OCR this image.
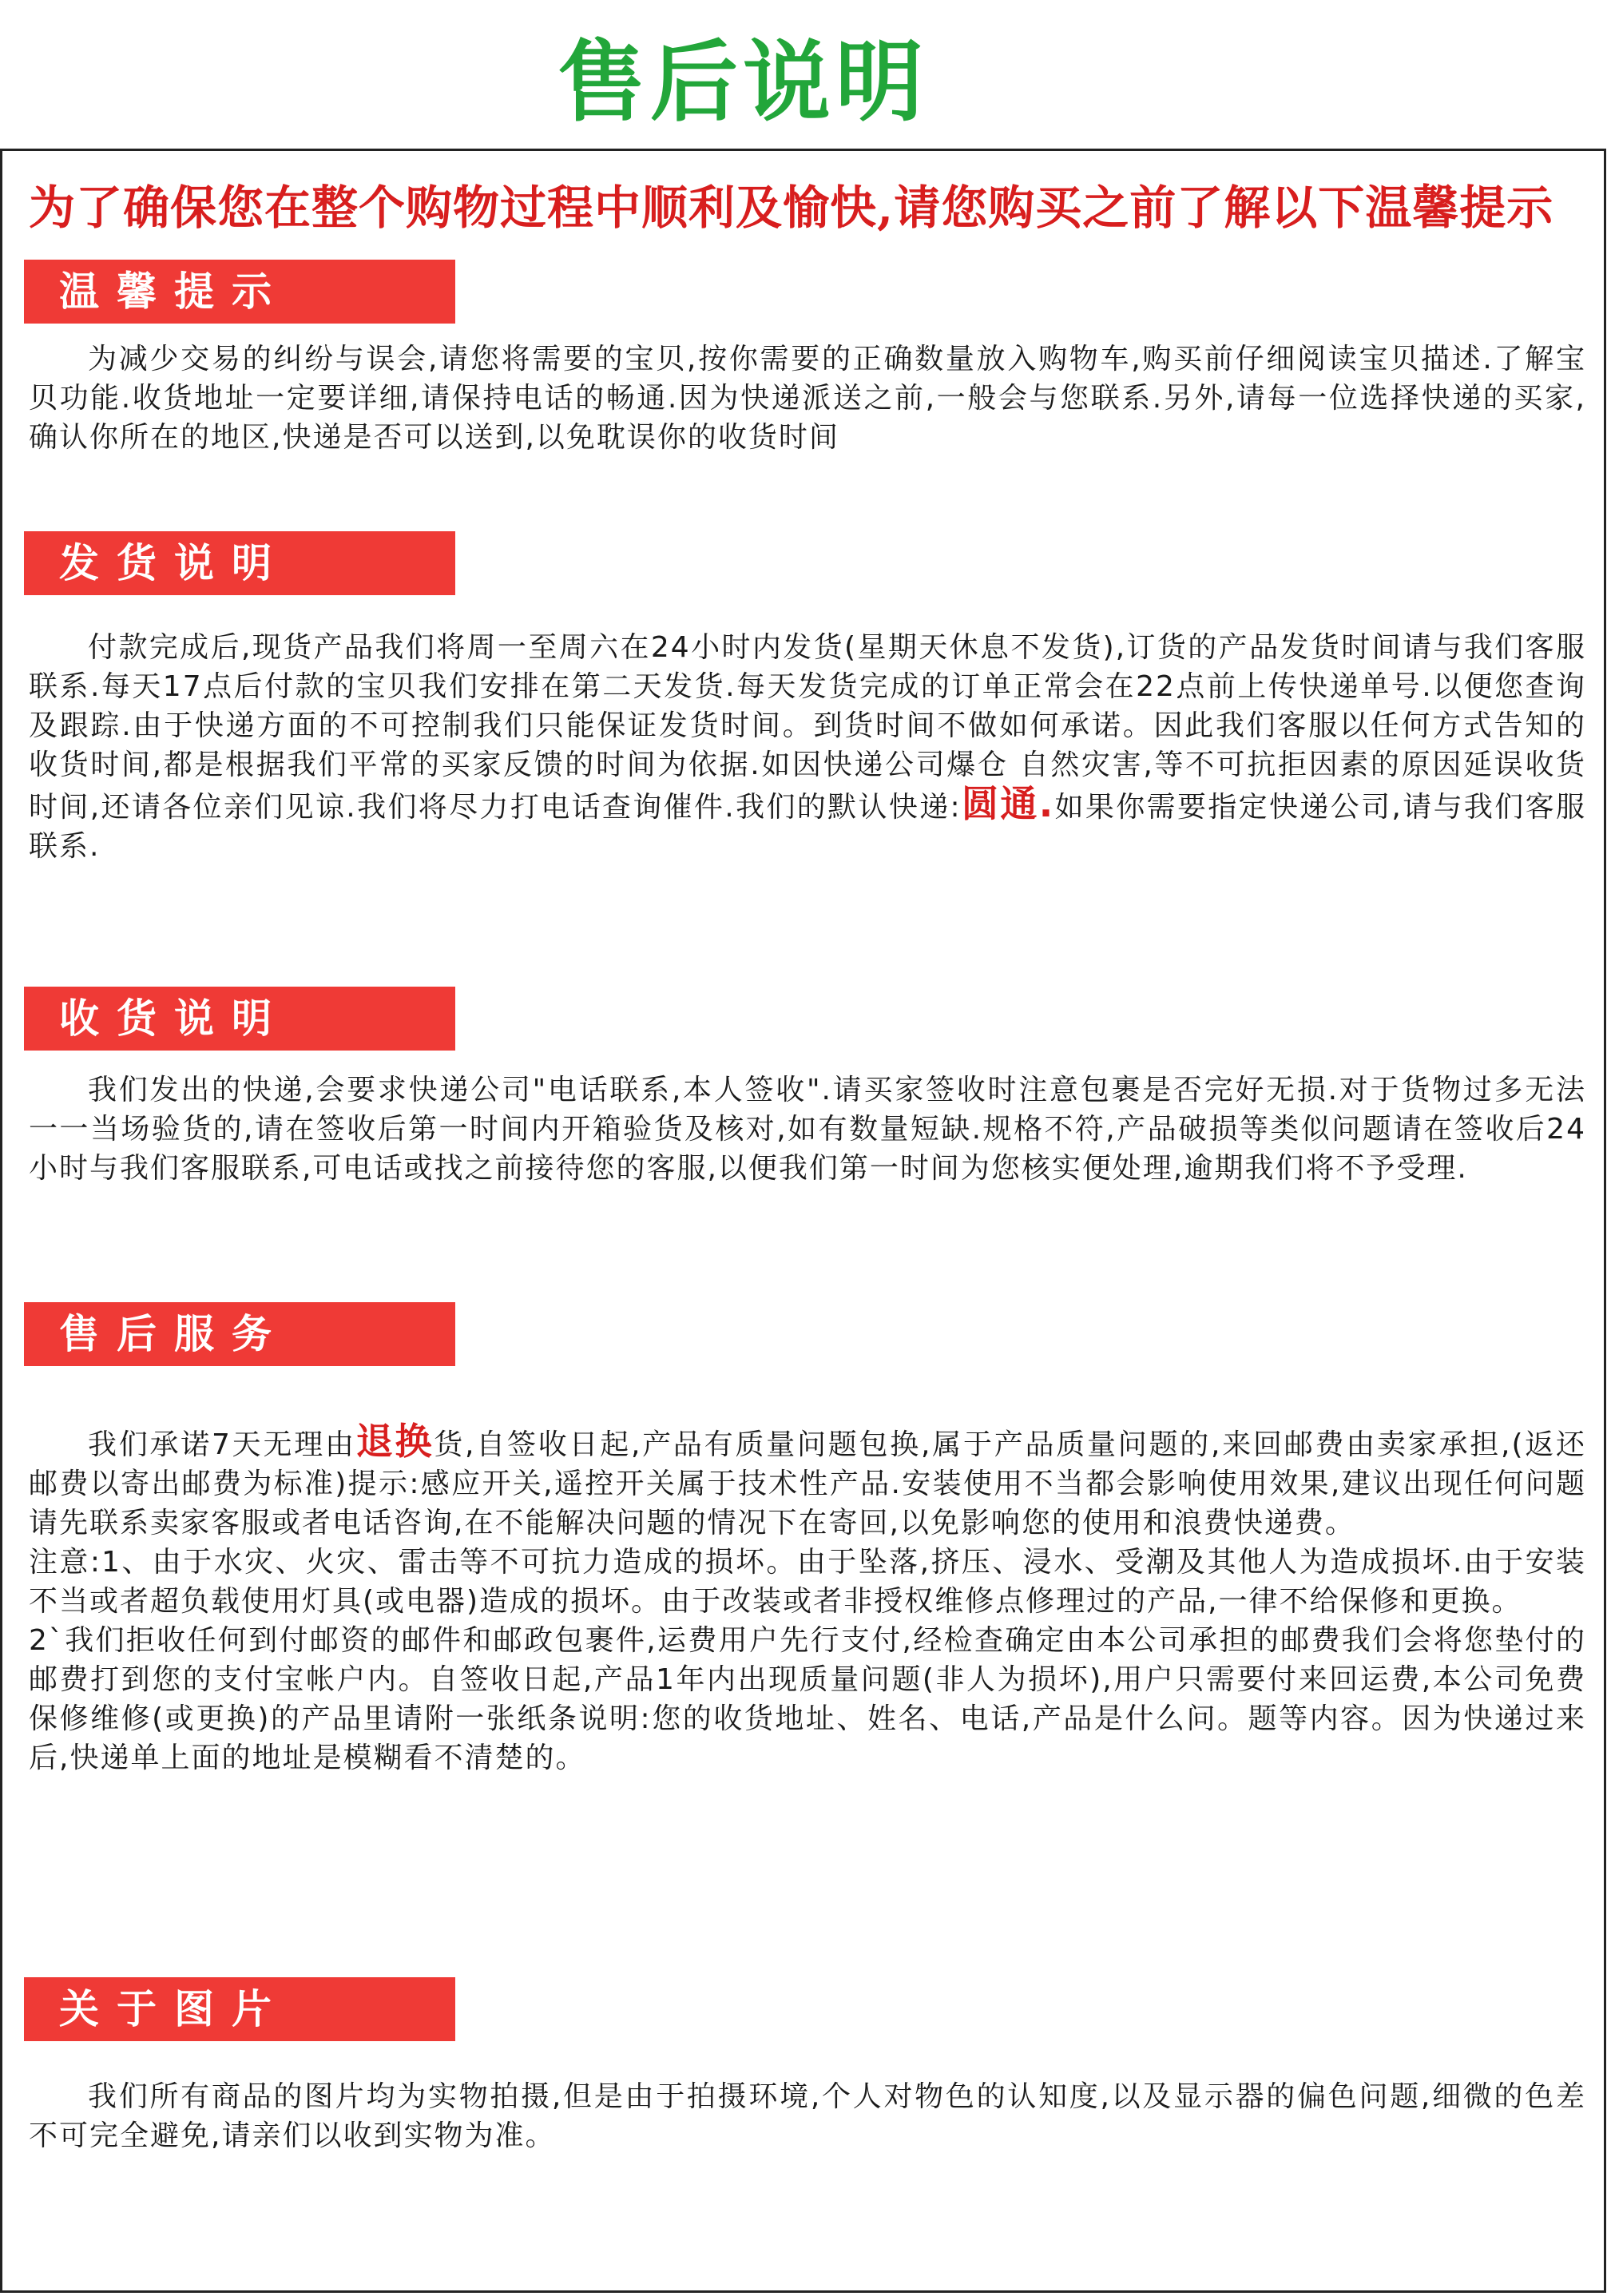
售后说明
为了确保您在整个购物过程中顺利及愉快,请您购买之前了解以下温馨提示
温馨提示

为减少交易的纠纷与误会,请您将需要的宝贝,按你需要的正确数量放入购物车,购买前仔细阅读宝贝描述.了解宝贝功能.收货地址一定要详细,请保持电话的畅通.因为快递派送之前,一般会与您联系.另外,请每一位选择快递的买家,确认你所在的地区,快递是否可以送到,以免耽误你的收货时间

发货说明

付款完成后,现货产品我们将周一至周六在24小时内发货(星期天休息不发货),订货的产品发货时间请与我们客服联系.每天17点后付款的宝贝我们安排在第二天发货.每天发货完成的订单正常会在22点前上传快递单号.以便您查询及跟踪.由于快递方面的不可控制我们只能保证发货时间。到货时间不做如何承诺。因此我们客服以任何方式告知的收货时间,都是根据我们平常的买家反馈的时间为依据.如因快递公司爆仓 自然灾害,等不可抗拒因素的原因延误收货时间,还请各位亲们见谅.我们将尽力打电话查询催件.我们的默认快递:圆通.如果你需要指定快递公司,请与我们客服联系.

收货说明

我们发出的快递,会要求快递公司"电话联系,本人签收".请买家签收时注意包裹是否完好无损.对于货物过多无法一一当场验货的,请在签收后第一时间内开箱验货及核对,如有数量短缺.规格不符,产品破损等类似问题请在签收后24小时与我们客服联系,可电话或找之前接待您的客服,以便我们第一时间为您核实便处理,逾期我们将不予受理.

售后服务

我们承诺7天无理由退换货,自签收日起,产品有质量问题包换,属于产品质量问题的,来回邮费由卖家承担,(返还邮费以寄出邮费为标准)提示:感应开关,遥控开关属于技术性产品.安装使用不当都会影响使用效果,建议出现任何问题请先联系卖家客服或者电话咨询,在不能解决问题的情况下在寄回,以免影响您的使用和浪费快递费。

注意:1、由于水灾、火灾、雷击等不可抗力造成的损坏。由于坠落,挤压、浸水、受潮及其他人为造成损坏.由于安装不当或者超负载使用灯具(或电器)造成的损坏。由于改装或者非授权维修点修理过的产品,一律不给保修和更换。

2`我们拒收任何到付邮资的邮件和邮政包裹件,运费用户先行支付,经检查确定由本公司承担的邮费我们会将您垫付的邮费打到您的支付宝帐户内。自签收日起,产品1年内出现质量问题(非人为损坏),用户只需要付来回运费,本公司免费保修维修(或更换)的产品里请附一张纸条说明:您的收货地址、姓名、电话,产品是什么问。题等内容。因为快递过来后,快递单上面的地址是模糊看不清楚的。

关于图片

我们所有商品的图片均为实物拍摄,但是由于拍摄环境,个人对物色的认知度,以及显示器的偏色问题,细微的色差不可完全避免,请亲们以收到实物为准。
